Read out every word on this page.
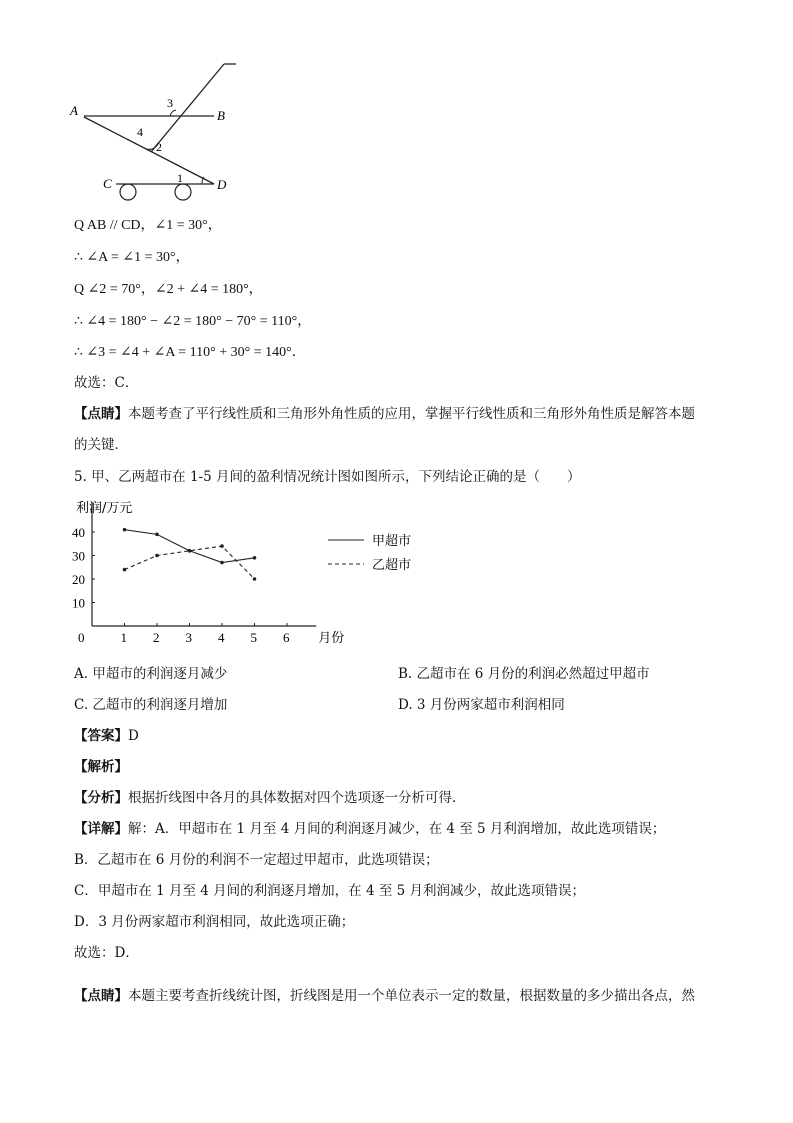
A	B
C	D
1
2
3
4
Q AB // CD，∠1 = 30°，
∴ ∠A = ∠1 = 30°，
Q ∠2 = 70°，∠2 + ∠4 = 180°，
∴ ∠4 = 180° − ∠2 = 180° − 70° = 110°，
∴ ∠3 = ∠4 + ∠A = 110° + 30° = 140°．
故选：C．
【点睛】本题考查了平行线性质和三角形外角性质的应用，掌握平行线性质和三角形外角性质是解答本题
的关键．
5. 甲、乙两超市在 1-5 月间的盈利情况统计图如图所示，下列结论正确的是（　　）
利润/万元
月份
0	1 2 3 4 5 6
10
20
30
40
甲超市
乙超市
A. 甲超市的利润逐月减少	B. 乙超市在 6 月份的利润必然超过甲超市
C. 乙超市的利润逐月增加	D. 3 月份两家超市利润相同
【答案】D
【解析】
【分析】根据折线图中各月的具体数据对四个选项逐一分析可得．
【详解】解：A．甲超市在 1 月至 4 月间的利润逐月减少，在 4 至 5 月利润增加，故此选项错误；
B．乙超市在 6 月份的利润不一定超过甲超市，此选项错误；
C．甲超市在 1 月至 4 月间的利润逐月增加，在 4 至 5 月利润减少，故此选项错误；
D．3 月份两家超市利润相同，故此选项正确；
故选：D．
【点睛】本题主要考查折线统计图，折线图是用一个单位表示一定的数量，根据数量的多少描出各点，然
